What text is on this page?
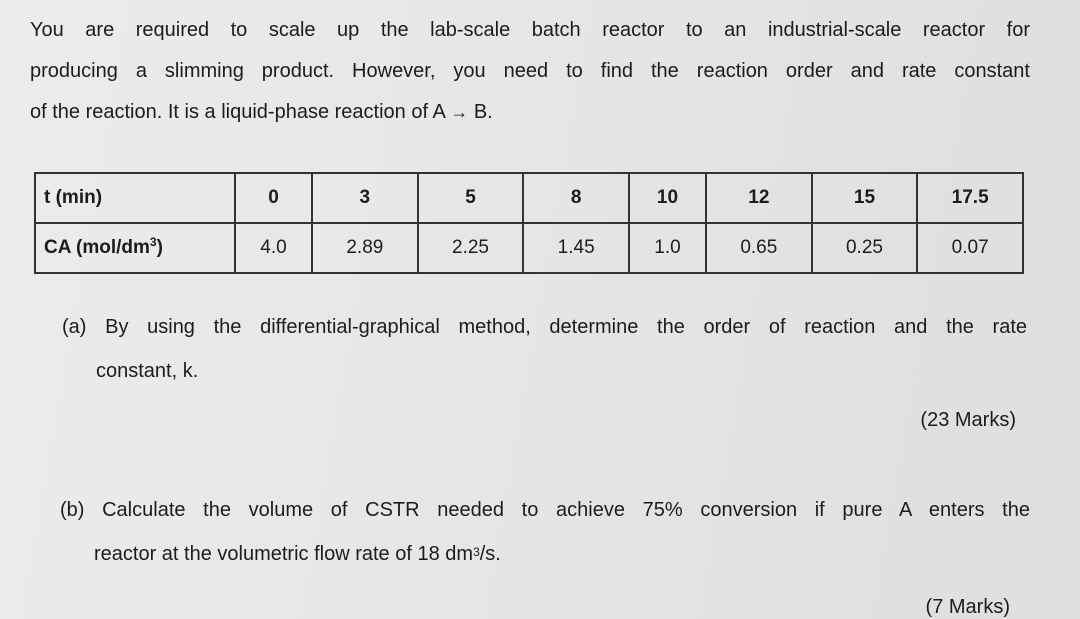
You are required to scale up the lab-scale batch reactor to an industrial-scale reactor for

producing a slimming product. However, you need to find the reaction order and rate constant

of the reaction. It is a liquid-phase reaction of A → B.

t (min)	0	3	5	8	10	12	15	17.5
CA $(mol/dm^3)$	4.0	2.89	2.25	1.45	1.0	0.65	0.25	0.07

(a) By using the differential-graphical method, determine the order of reaction and the rate

constant, k.

(23 Marks)

(b) Calculate the volume of CSTR needed to achieve 75% conversion if pure A enters the

reactor at the volumetric flow rate of 18 $dm^3/s$.

(7 Marks)
